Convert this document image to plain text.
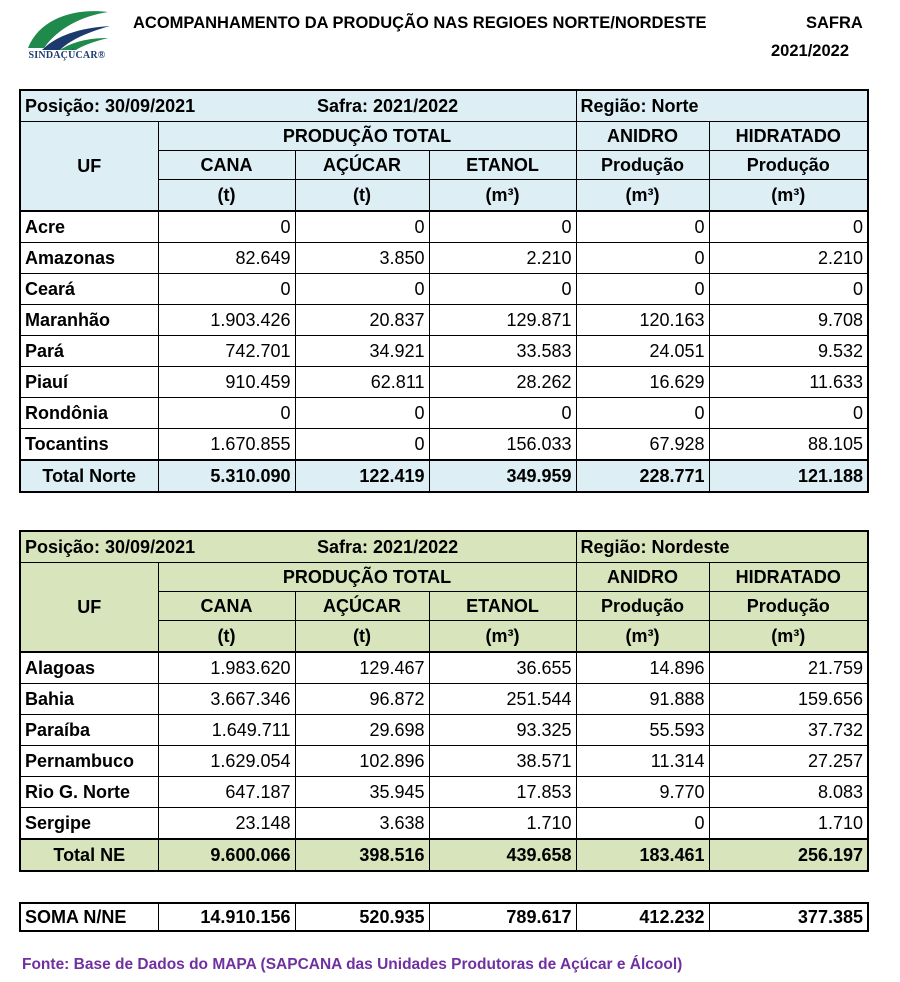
SINDAÇÚCAR®
ACOMPANHAMENTO DA PRODUÇÃO NAS REGIOES NORTE/NORDESTE	SAFRA
2021/2022
Posição: 30/09/2021		Safra: 2021/2022		Região: Norte	
UF	PRODUÇÃO TOTAL			ANIDRO	HIDRATADO
	CANA	AÇÚCAR	ETANOL	Produção	Produção
	(t)	(t)	(m³)	(m³)	(m³)
Acre	0	0	0	0	0
Amazonas	82.649	3.850	2.210	0	2.210
Ceará	0	0	0	0	0
Maranhão	1.903.426	20.837	129.871	120.163	9.708
Pará	742.701	34.921	33.583	24.051	9.532
Piauí	910.459	62.811	28.262	16.629	11.633
Rondônia	0	0	0	0	0
Tocantins	1.670.855	0	156.033	67.928	88.105
Total Norte	5.310.090	122.419	349.959	228.771	121.188
Posição: 30/09/2021		Safra: 2021/2022		Região: Nordeste	
UF	PRODUÇÃO TOTAL			ANIDRO	HIDRATADO
	CANA	AÇÚCAR	ETANOL	Produção	Produção
	(t)	(t)	(m³)	(m³)	(m³)
Alagoas	1.983.620	129.467	36.655	14.896	21.759
Bahia	3.667.346	96.872	251.544	91.888	159.656
Paraíba	1.649.711	29.698	93.325	55.593	37.732
Pernambuco	1.629.054	102.896	38.571	11.314	27.257
Rio G. Norte	647.187	35.945	17.853	9.770	8.083
Sergipe	23.148	3.638	1.710	0	1.710
Total NE	9.600.066	398.516	439.658	183.461	256.197
SOMA N/NE	14.910.156	520.935	789.617	412.232	377.385
Fonte: Base de Dados do MAPA (SAPCANA das Unidades Produtoras de Açúcar e Álcool)
